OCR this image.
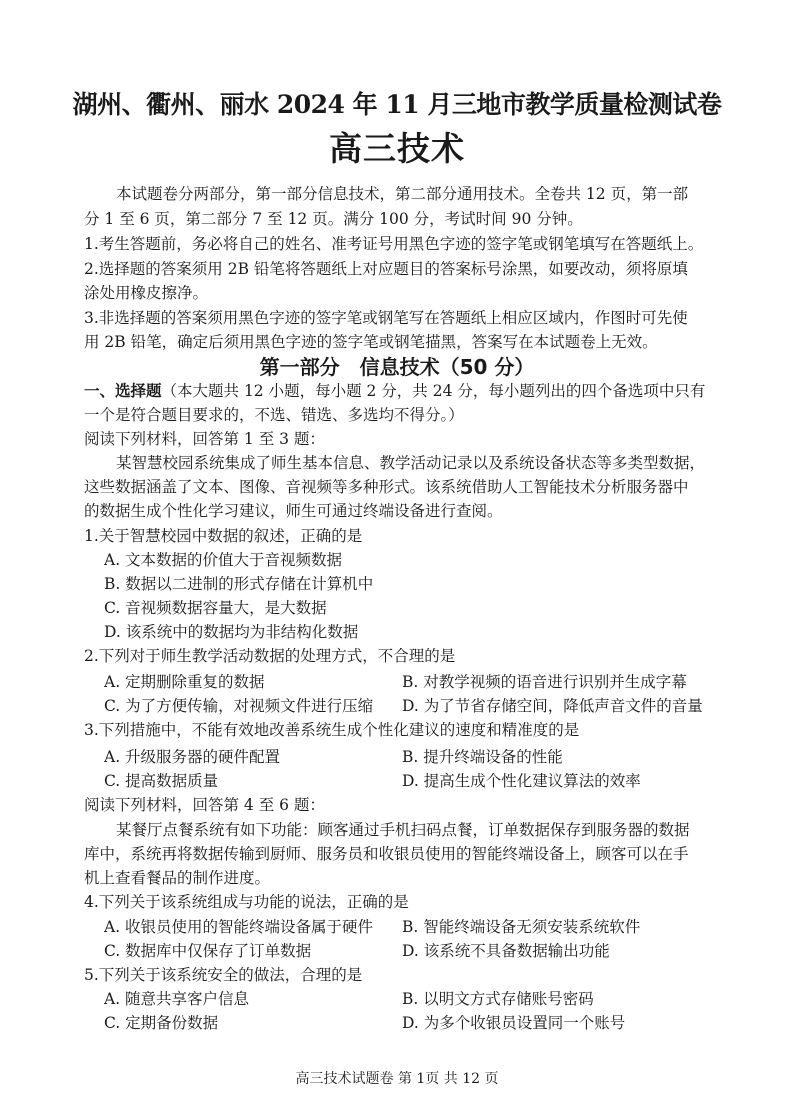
湖州、衢州、丽水 2024 年 11 月三地市教学质量检测试卷
高三技术
本试题卷分两部分，第一部分信息技术，第二部分通用技术。全卷共 12 页，第一部
分 1 至 6 页，第二部分 7 至 12 页。满分 100 分，考试时间 90 分钟。
1.考生答题前，务必将自己的姓名、准考证号用黑色字迹的签字笔或钢笔填写在答题纸上。
2.选择题的答案须用 2B 铅笔将答题纸上对应题目的答案标号涂黑，如要改动，须将原填
涂处用橡皮擦净。
3.非选择题的答案须用黑色字迹的签字笔或钢笔写在答题纸上相应区域内，作图时可先使
用 2B 铅笔，确定后须用黑色字迹的签字笔或钢笔描黑，答案写在本试题卷上无效。
第一部分　信息技术（50 分）
一、选择题（本大题共 12 小题，每小题 2 分，共 24 分，每小题列出的四个备选项中只有
一个是符合题目要求的，不选、错选、多选均不得分。）
阅读下列材料，回答第 1 至 3 题：
某智慧校园系统集成了师生基本信息、教学活动记录以及系统设备状态等多类型数据，
这些数据涵盖了文本、图像、音视频等多种形式。该系统借助人工智能技术分析服务器中
的数据生成个性化学习建议，师生可通过终端设备进行查阅。
1.关于智慧校园中数据的叙述，正确的是
A. 文本数据的价值大于音视频数据
B. 数据以二进制的形式存储在计算机中
C. 音视频数据容量大，是大数据
D. 该系统中的数据均为非结构化数据
2.下列对于师生教学活动数据的处理方式，不合理的是
A. 定期删除重复的数据	B. 对教学视频的语音进行识别并生成字幕
C. 为了方便传输，对视频文件进行压缩	D. 为了节省存储空间，降低声音文件的音量
3.下列措施中，不能有效地改善系统生成个性化建议的速度和精准度的是
A. 升级服务器的硬件配置	B. 提升终端设备的性能
C. 提高数据质量	D. 提高生成个性化建议算法的效率
阅读下列材料，回答第 4 至 6 题：
某餐厅点餐系统有如下功能：顾客通过手机扫码点餐，订单数据保存到服务器的数据
库中，系统再将数据传输到厨师、服务员和收银员使用的智能终端设备上，顾客可以在手
机上查看餐品的制作进度。
4.下列关于该系统组成与功能的说法，正确的是
A. 收银员使用的智能终端设备属于硬件	B. 智能终端设备无须安装系统软件
C. 数据库中仅保存了订单数据	D. 该系统不具备数据输出功能
5.下列关于该系统安全的做法，合理的是
A. 随意共享客户信息	B. 以明文方式存储账号密码
C. 定期备份数据	D. 为多个收银员设置同一个账号
高三技术试题卷 第 1页 共 12 页
